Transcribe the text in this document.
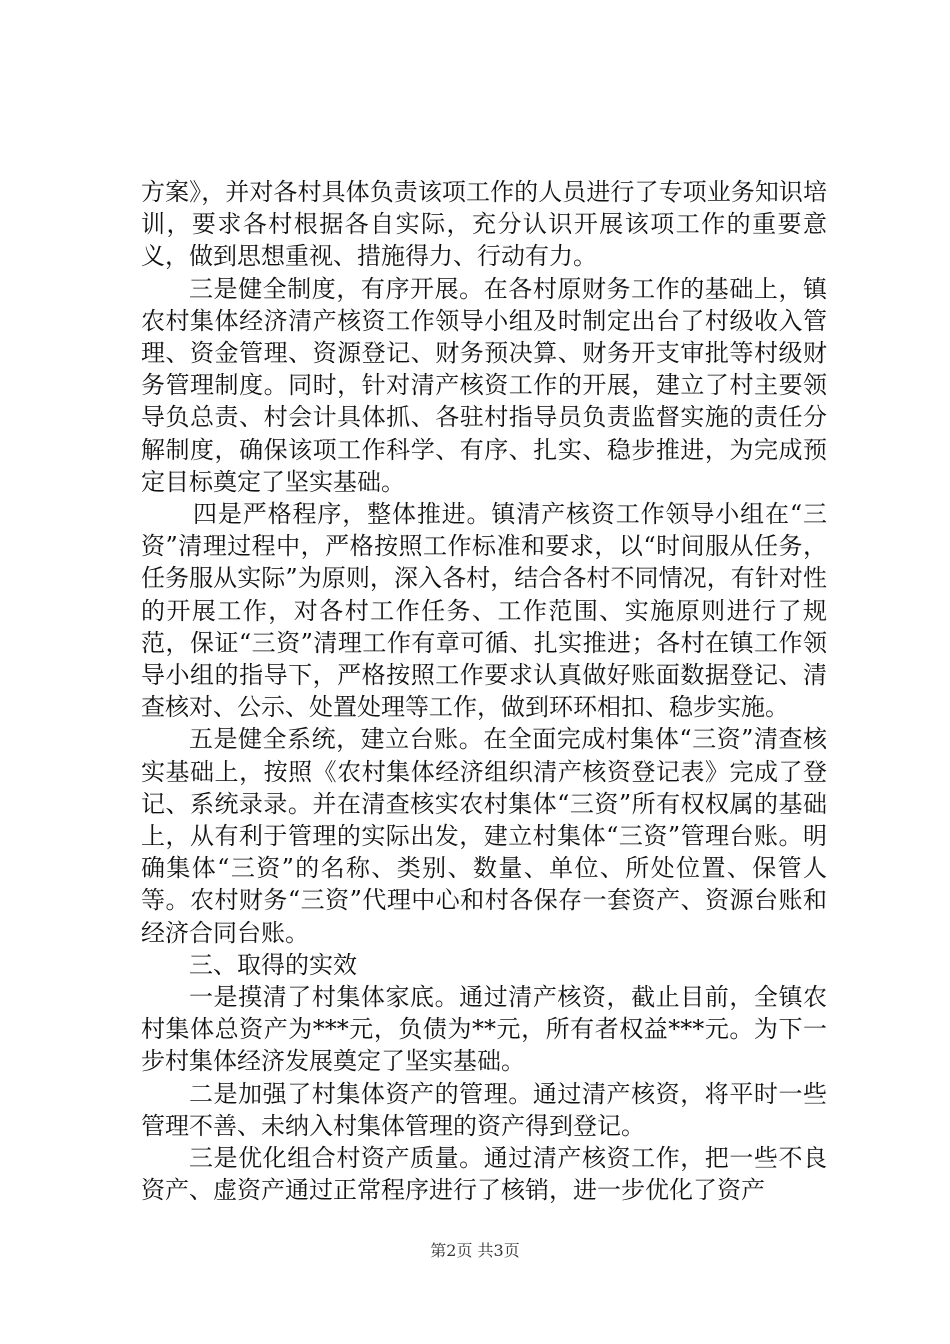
方案》，并对各村具体负责该项工作的人员进行了专项业务知识培训，要求各村根据各自实际，充分认识开展该项工作的重要意义，做到思想重视、措施得力、行动有力。

三是健全制度，有序开展。在各村原财务工作的基础上，镇农村集体经济清产核资工作领导小组及时制定出台了村级收入管理、资金管理、资源登记、财务预决算、财务开支审批等村级财务管理制度。同时，针对清产核资工作的开展，建立了村主要领导负总责、村会计具体抓、各驻村指导员负责监督实施的责任分解制度，确保该项工作科学、有序、扎实、稳步推进，为完成预定目标奠定了坚实基础。

四是严格程序，整体推进。镇清产核资工作领导小组在“三资”清理过程中，严格按照工作标准和要求，以“时间服从任务，任务服从实际”为原则，深入各村，结合各村不同情况，有针对性的开展工作，对各村工作任务、工作范围、实施原则进行了规范，保证“三资”清理工作有章可循、扎实推进；各村在镇工作领导小组的指导下，严格按照工作要求认真做好账面数据登记、清查核对、公示、处置处理等工作，做到环环相扣、稳步实施。

五是健全系统，建立台账。在全面完成村集体“三资”清查核实基础上，按照《农村集体经济组织清产核资登记表》完成了登记、系统录录。并在清查核实农村集体“三资”所有权权属的基础上，从有利于管理的实际出发，建立村集体“三资”管理台账。明确集体“三资”的名称、类别、数量、单位、所处位置、保管人等。农村财务“三资”代理中心和村各保存一套资产、资源台账和经济合同台账。

三、取得的实效

一是摸清了村集体家底。通过清产核资，截止目前，全镇农村集体总资产为***元，负债为**元，所有者权益***元。为下一步村集体经济发展奠定了坚实基础。

二是加强了村集体资产的管理。通过清产核资，将平时一些管理不善、未纳入村集体管理的资产得到登记。

三是优化组合村资产质量。通过清产核资工作，把一些不良资产、虚资产通过正常程序进行了核销，进一步优化了资产

第2页 共3页
